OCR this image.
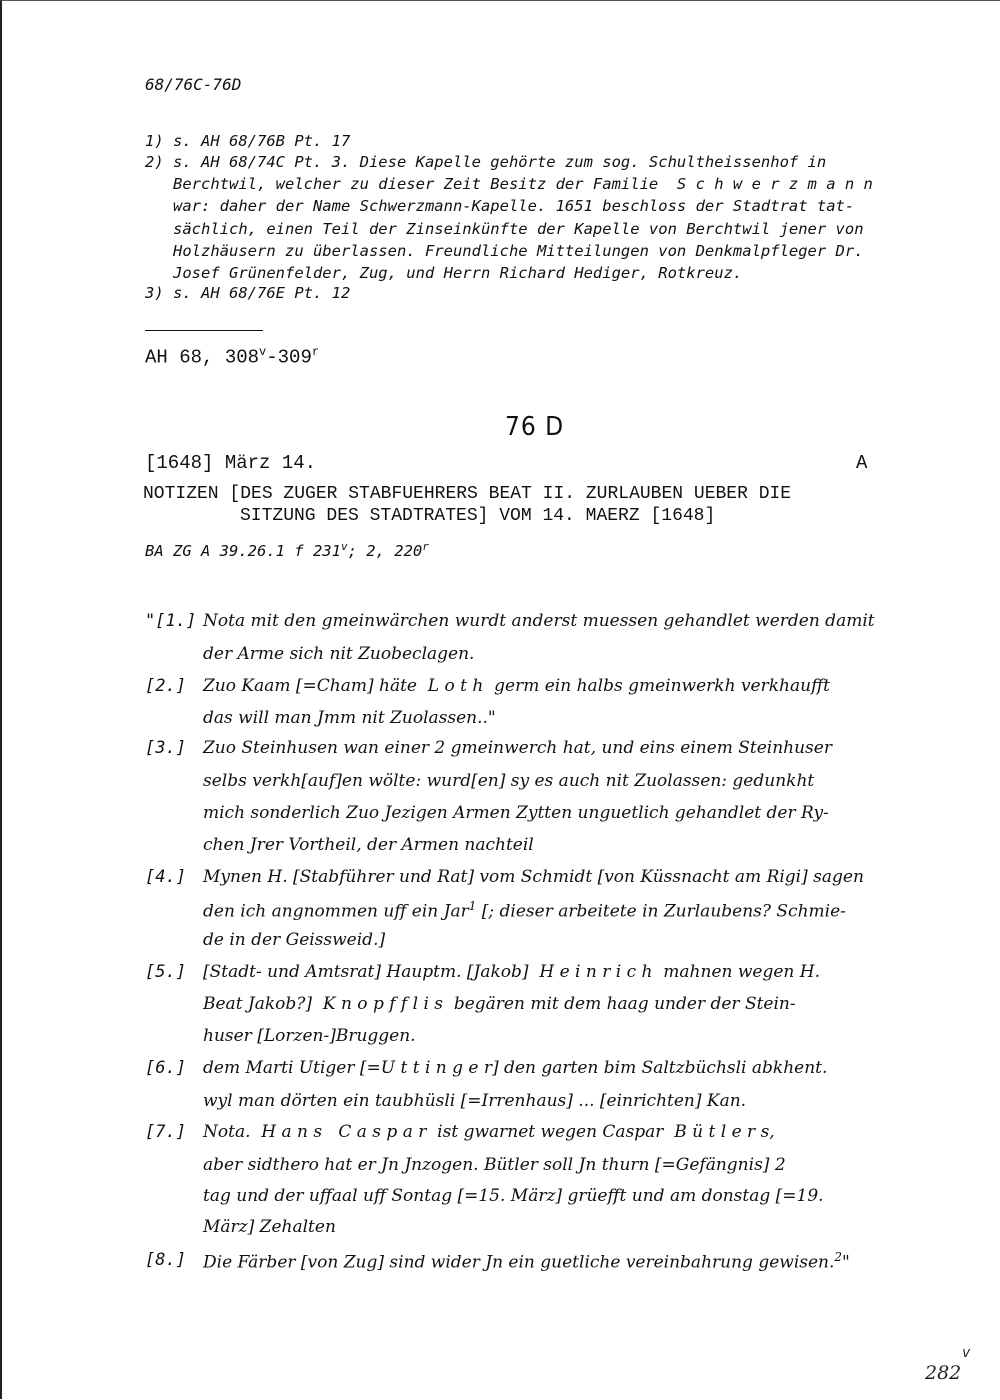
68/76C-76D
1) s. AH 68/76B Pt. 17
2) s. AH 68/74C Pt. 3. Diese Kapelle gehörte zum sog. Schultheissenhof in
Berchtwil, welcher zu dieser Zeit Besitz der Familie  S c h w e r z m a n n
war: daher der Name Schwerzmann-Kapelle. 1651 beschloss der Stadtrat tat-
sächlich, einen Teil der Zinseinkünfte der Kapelle von Berchtwil jener von
Holzhäusern zu überlassen. Freundliche Mitteilungen von Denkmalpfleger Dr.
Josef Grünenfelder, Zug, und Herrn Richard Hediger, Rotkreuz.
3) s. AH 68/76E Pt. 12
AH 68, 308$^v$-309$^r$
76 D
[1648] März 14.	A
NOTIZEN [DES ZUGER STABFUEHRERS BEAT II. ZURLAUBEN UEBER DIE
SITZUNG DES STADTRATES] VOM 14. MAERZ [1648]
BA ZG A 39.26.1 f 231$^v$; 2, 220$^r$
"[1.] Nota mit den gmeinwärchen wurdt anderst muessen gehandlet werden damit
der Arme sich nit Zuobeclagen.
[2.] Zuo Kaam [=Cham] häte  L o t h  germ ein halbs gmeinwerkh verkhaufft
das will man Jmm nit Zuolassen.."
[3.] Zuo Steinhusen wan einer 2 gmeinwerch hat, und eins einem Steinhuser
selbs verkh[auf]en wölte: wurd[en] sy es auch nit Zuolassen: gedunkht
mich sonderlich Zuo Jezigen Armen Zytten unguetlich gehandlet der Ry-
chen Jrer Vortheil, der Armen nachteil
[4.] Mynen H. [Stabführer und Rat] vom Schmidt [von Küssnacht am Rigi] sagen
den ich angnommen uff ein Jar$^1$ [; dieser arbeitete in Zurlaubens? Schmie-
de in der Geissweid.]
[5.] [Stadt- und Amtsrat] Hauptm. [Jakob]  H e i n r i c h  mahnen wegen H.
Beat Jakob?]  K n o p f f l i s  begären mit dem haag under der Stein-
huser [Lorzen-]Bruggen.
[6.] dem Marti Utiger [=U t t i n g e r] den garten bim Saltzbüchsli abkhent.
wyl man dörten ein taubhüsli [=Irrenhaus] ... [einrichten] Kan.
[7.] Nota.  H a n s   C a s p a r  ist gwarnet wegen Caspar  B ü t l e r s,
aber sidthero hat er Jn Jnzogen. Bütler soll Jn thurn [=Gefängnis] 2
tag und der uffaal uff Sontag [=15. März] grüefft und am donstag [=19.
März] Zehalten
[8.] Die Färber [von Zug] sind wider Jn ein guetliche vereinbahrung gewisen.$^2$"
v
282
